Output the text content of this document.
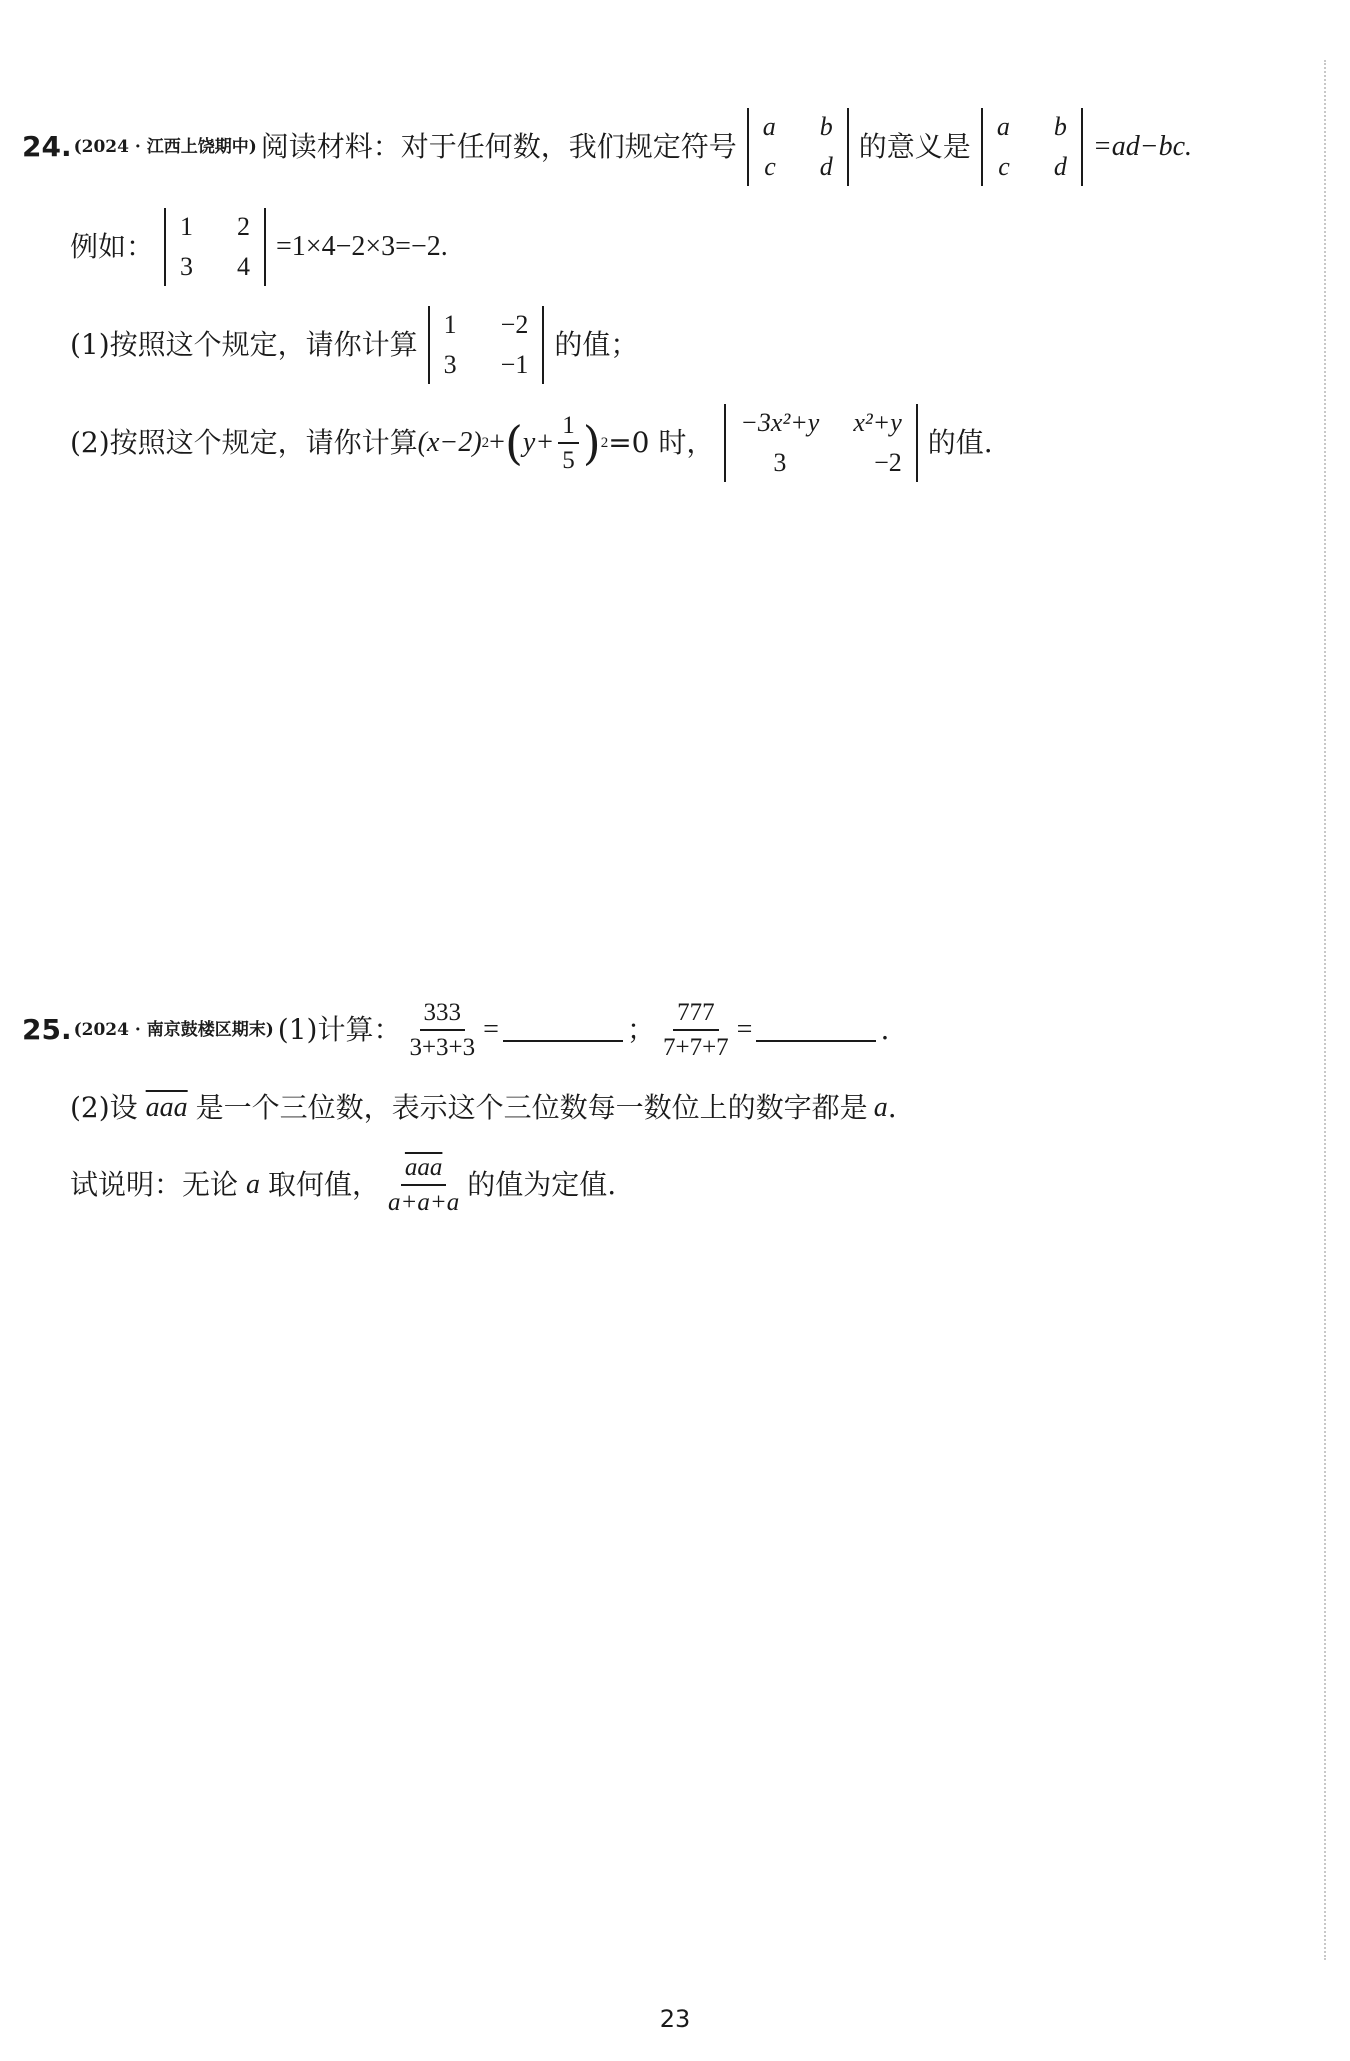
24. (2024 · 江西上饶期中) 阅读材料：对于任何数，我们规定符号
a b
c d
的意义是
a b
c d
=ad−bc.
例如：
1 2
3 4
=1×4−2×3=−2.
(1)按照这个规定，请你计算
1 −2
3 −1
的值；
(2)按照这个规定，请你计算 (x−2) 2 + ( $y+ \frac{1}{5}$ ) 2 =0 时，
−3x²+y x²+y
3	−2
的值.
25. (2024 · 南京鼓楼区期末) (1)计算： $\frac{333}{3+3+3}$ =	； $\frac{777}{7+7+7}$ =	.
(2)设 $\overline{aaa}$ 是一个三位数，表示这个三位数每一数位上的数字都是 a .
试说明：无论 a 取何值， $\frac{\overline{aaa}}{a+a+a}$ 的值为定值.
23
